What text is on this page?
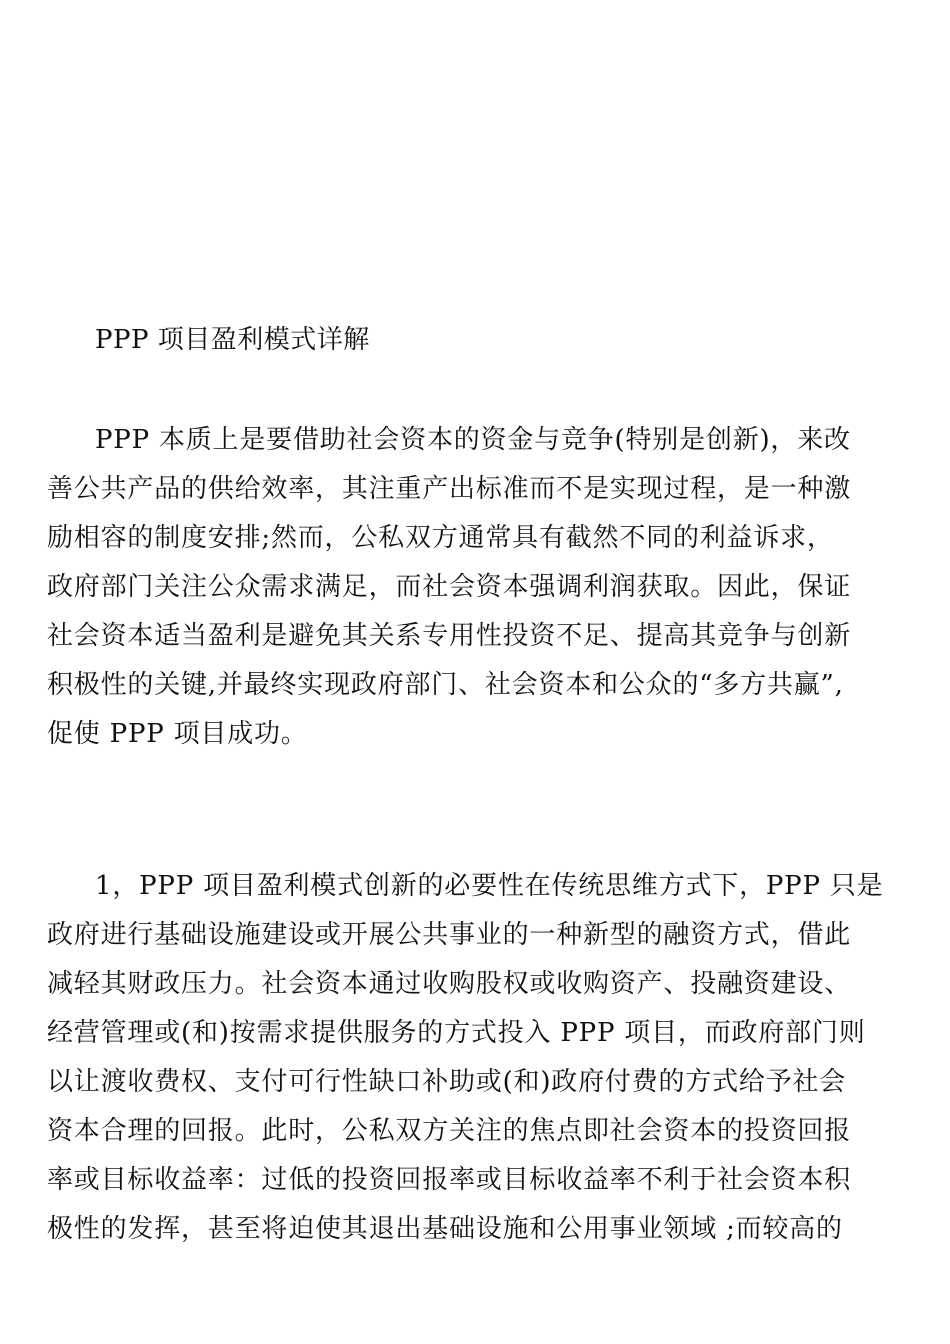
PPP 项目盈利模式详解
PPP 本质上是要借助社会资本的资金与竞争(特别是创新)，来改
善公共产品的供给效率，其注重产出标准而不是实现过程，是一种激
励相容的制度安排;然而，公私双方通常具有截然不同的利益诉求，
政府部门关注公众需求满足，而社会资本强调利润获取。因此，保证
社会资本适当盈利是避免其关系专用性投资不足、提高其竞争与创新
积极性的关键,并最终实现政府部门、社会资本和公众的“多方共赢”,
促使 PPP 项目成功。
1，PPP 项目盈利模式创新的必要性在传统思维方式下，PPP 只是
政府进行基础设施建设或开展公共事业的一种新型的融资方式，借此
减轻其财政压力。社会资本通过收购股权或收购资产、投融资建设、
经营管理或(和)按需求提供服务的方式投入 PPP 项目，而政府部门则
以让渡收费权、支付可行性缺口补助或(和)政府付费的方式给予社会
资本合理的回报。此时，公私双方关注的焦点即社会资本的投资回报
率或目标收益率：过低的投资回报率或目标收益率不利于社会资本积
极性的发挥，甚至将迫使其退出基础设施和公用事业领域 ;而较高的
